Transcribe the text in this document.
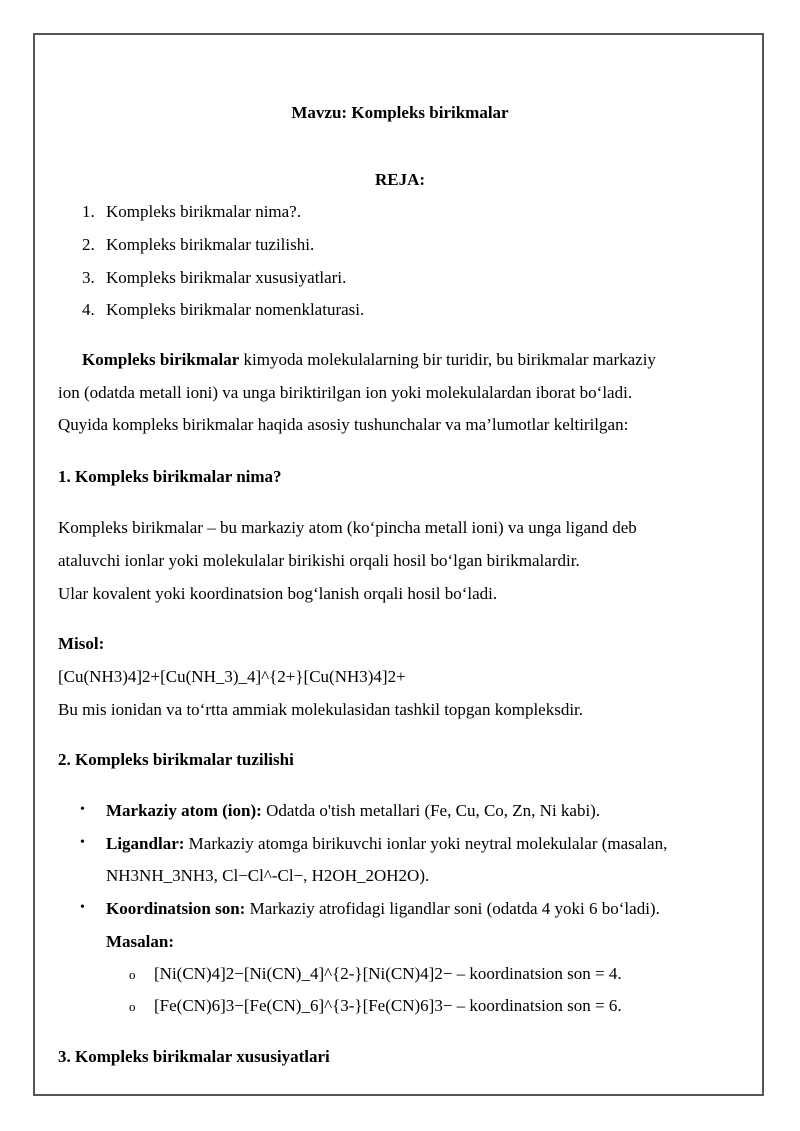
Mavzu: Kompleks birikmalar
REJA:
1. Kompleks birikmalar nima?.
2. Kompleks birikmalar tuzilishi.
3. Kompleks birikmalar xususiyatlari.
4. Kompleks birikmalar nomenklaturasi.
Kompleks birikmalar kimyoda molekulalarning bir turidir, bu birikmalar markaziy
ion (odatda metall ioni) va unga biriktirilgan ion yoki molekulalardan iborat bo‘ladi.
Quyida kompleks birikmalar haqida asosiy tushunchalar va ma’lumotlar keltirilgan:
1. Kompleks birikmalar nima?
Kompleks birikmalar – bu markaziy atom (ko‘pincha metall ioni) va unga ligand deb
ataluvchi ionlar yoki molekulalar birikishi orqali hosil bo‘lgan birikmalardir.
Ular kovalent yoki koordinatsion bog‘lanish orqali hosil bo‘ladi.
Misol:
[Cu(NH3)4]2+[Cu(NH_3)_4]^{2+}[Cu(NH3)4]2+
Bu mis ionidan va to‘rtta ammiak molekulasidan tashkil topgan kompleksdir.
2. Kompleks birikmalar tuzilishi
• Markaziy atom (ion): Odatda o'tish metallari (Fe, Cu, Co, Zn, Ni kabi).
• Ligandlar: Markaziy atomga birikuvchi ionlar yoki neytral molekulalar (masalan,
NH3NH_3NH3, Cl−Cl^-Cl−, H2OH_2OH2O).
• Koordinatsion son: Markaziy atrofidagi ligandlar soni (odatda 4 yoki 6 bo‘ladi).
Masalan:
o [Ni(CN)4]2−[Ni(CN)_4]^{2-}[Ni(CN)4]2− – koordinatsion son = 4.
o [Fe(CN)6]3−[Fe(CN)_6]^{3-}[Fe(CN)6]3− – koordinatsion son = 6.
3. Kompleks birikmalar xususiyatlari
